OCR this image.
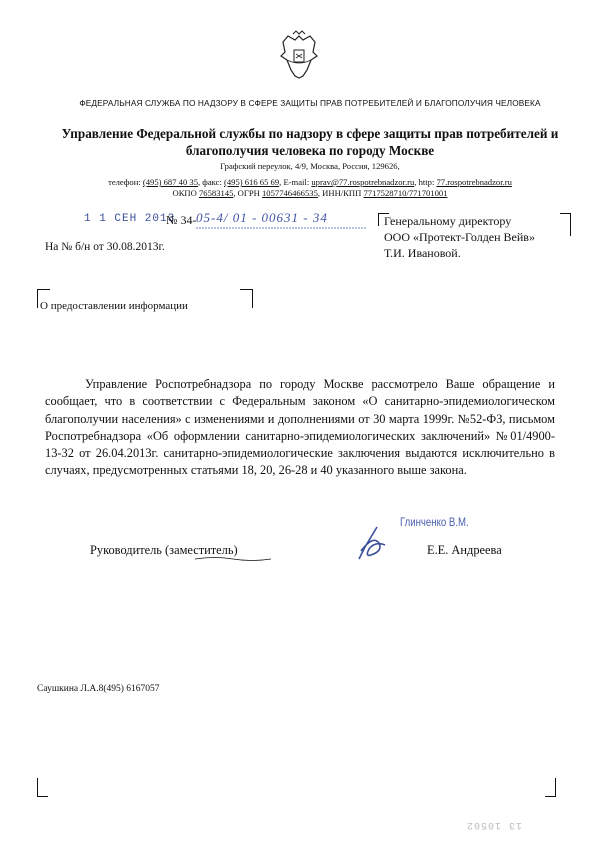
ФЕДЕРАЛЬНАЯ СЛУЖБА ПО НАДЗОРУ В СФЕРЕ ЗАЩИТЫ ПРАВ ПОТРЕБИТЕЛЕЙ И БЛАГОПОЛУЧИЯ ЧЕЛОВЕКА
Управление Федеральной службы по надзору в сфере защиты прав потребителей и
благополучия человека по городу Москве
Графский переулок, 4/9, Москва, Россия, 129626,
телефон: (495) 687 40 35, факс: (495) 616 65 69, E-mail: uprav@77.rospotrebnadzor.ru, http: 77.rospotrebnadzor.ru
ОКПО 76583145, ОГРН 1057746466535, ИНН/КПП 7717528710/771701001
1 1 СЕН 2013
№ 34- 05-4/ 01 - 00631 - 34
На № б/н от 30.08.2013г.
Генеральному директору
ООО «Протект-Голден Вейв»
Т.И. Ивановой.
О предоставлении информации

Управление Роспотребнадзора по городу Москве рассмотрело Ваше обращение и сообщает, что в соответствии с Федеральным законом «О санитарно-эпидемиологическом благополучии населения» с изменениями и дополнениями от 30 марта 1999г. №52-ФЗ, письмом Роспотребнадзора «Об оформлении санитарно-эпидемиологических заключений» №01/4900-13-32 от 26.04.2013г. санитарно-эпидемиологические заключения выдаются исключительно в случаях, предусмотренных статьями 18, 20, 26-28 и 40 указанного выше закона.

Глинченко В.М.
Руководитель (заместитель)	Е.Е. Андреева
Саушкина Л.А.8(495) 6167057
13 10502
